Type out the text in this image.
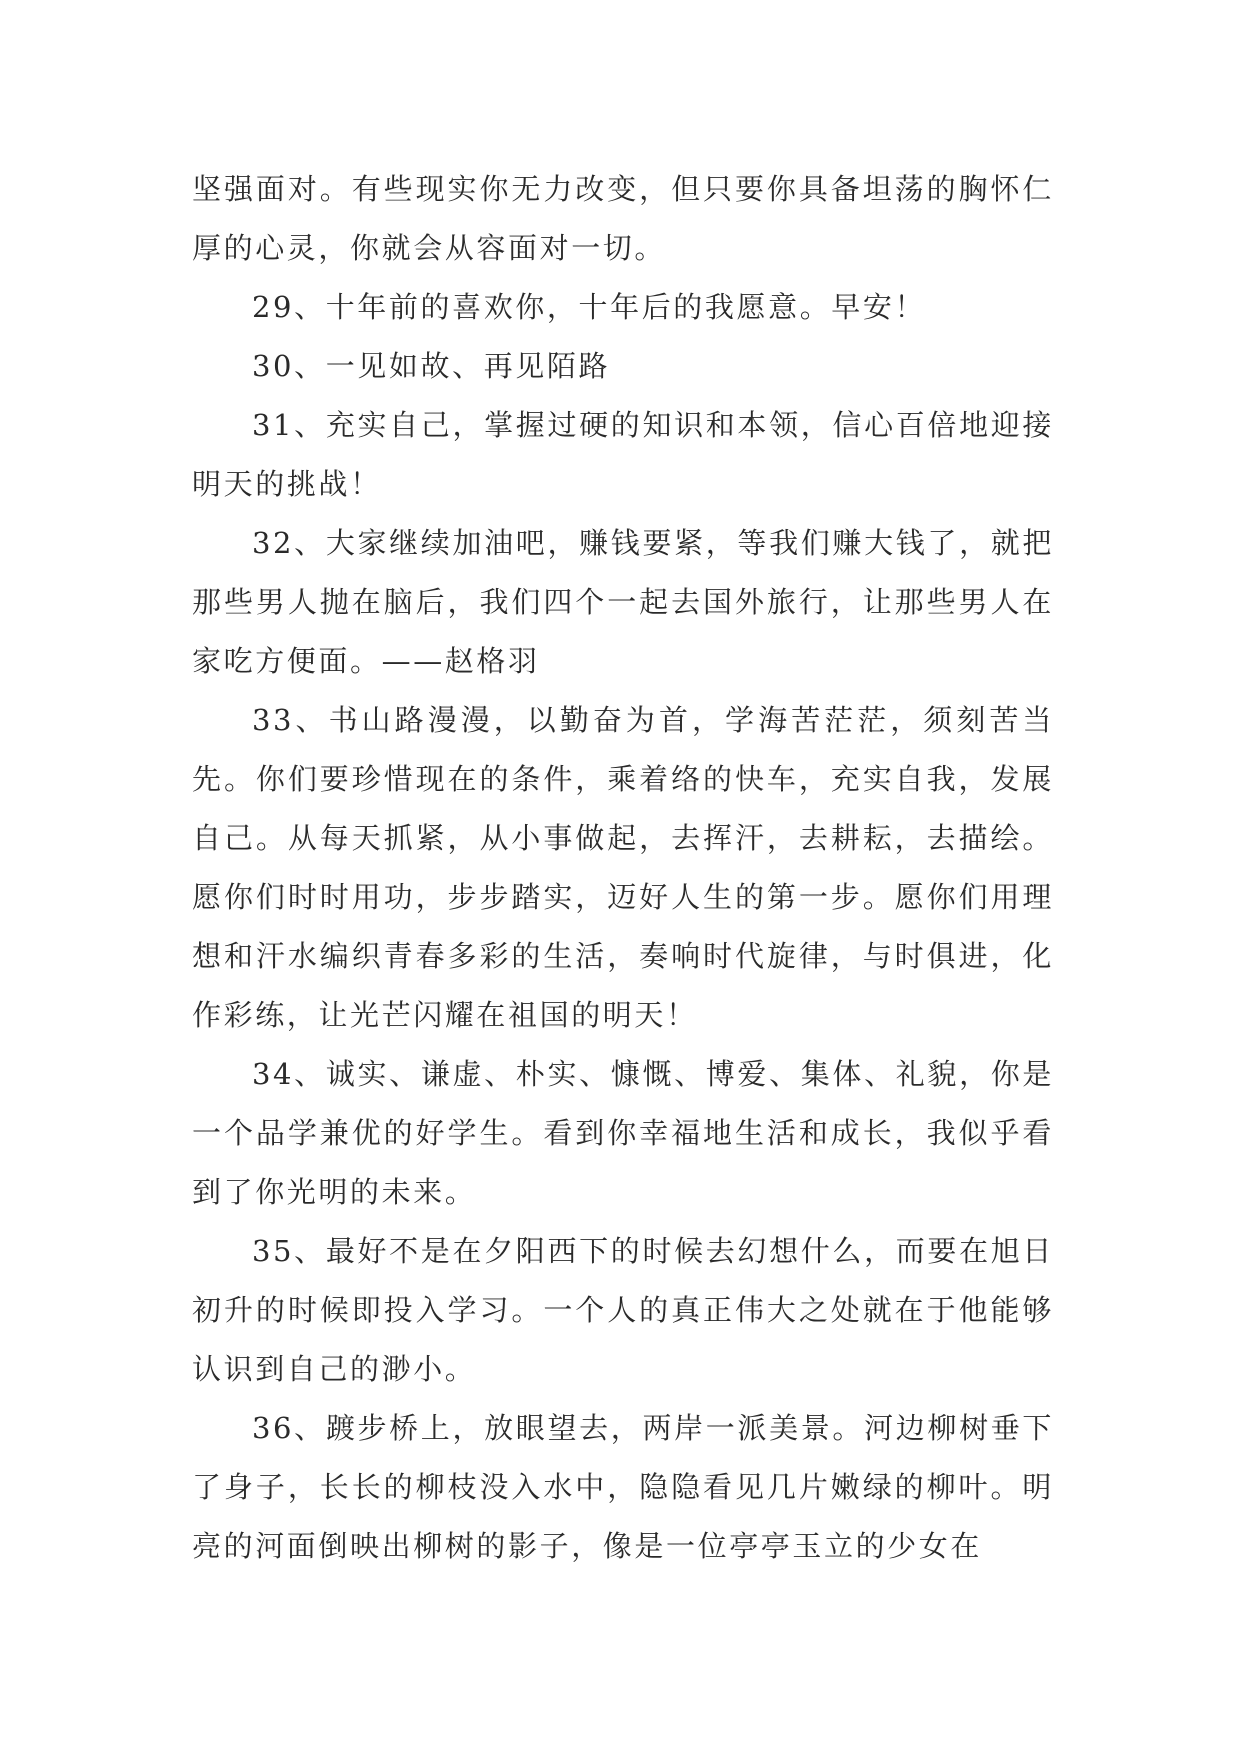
坚强面对。有些现实你无力改变，但只要你具备坦荡的胸怀仁厚的心灵，你就会从容面对一切。

29、十年前的喜欢你，十年后的我愿意。早安！

30、一见如故、再见陌路

31、充实自己，掌握过硬的知识和本领，信心百倍地迎接明天的挑战！

32、大家继续加油吧，赚钱要紧，等我们赚大钱了，就把那些男人抛在脑后，我们四个一起去国外旅行，让那些男人在家吃方便面。——赵格羽

33、书山路漫漫，以勤奋为首，学海苦茫茫，须刻苦当先。你们要珍惜现在的条件，乘着络的快车，充实自我，发展自己。从每天抓紧，从小事做起，去挥汗，去耕耘，去描绘。愿你们时时用功，步步踏实，迈好人生的第一步。愿你们用理想和汗水编织青春多彩的生活，奏响时代旋律，与时俱进，化作彩练，让光芒闪耀在祖国的明天！

34、诚实、谦虚、朴实、慷慨、博爱、集体、礼貌，你是一个品学兼优的好学生。看到你幸福地生活和成长，我似乎看到了你光明的未来。

35、最好不是在夕阳西下的时候去幻想什么，而要在旭日初升的时候即投入学习。一个人的真正伟大之处就在于他能够认识到自己的渺小。

36、踱步桥上，放眼望去，两岸一派美景。河边柳树垂下了身子，长长的柳枝没入水中，隐隐看见几片嫩绿的柳叶。明亮的河面倒映出柳树的影子，像是一位亭亭玉立的少女在
